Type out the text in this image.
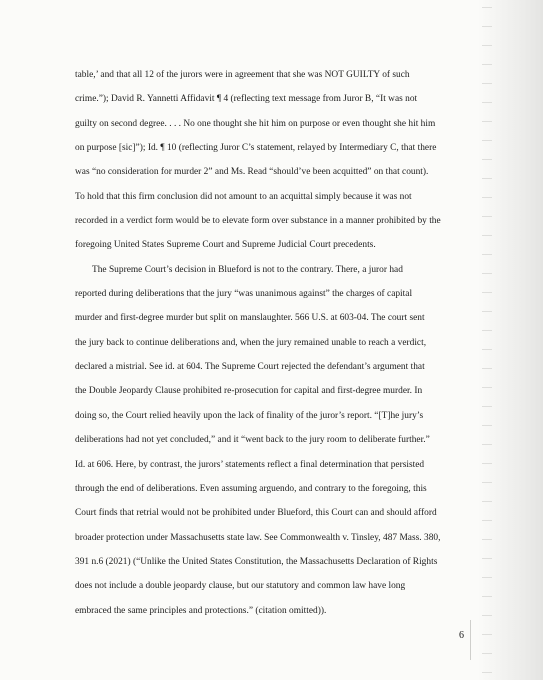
table,’ and that all 12 of the jurors were in agreement that she was NOT GUILTY of such
crime.”); David R. Yannetti Affidavit ¶ 4 (reflecting text message from Juror B, “It was not
guilty on second degree. . . . No one thought she hit him on purpose or even thought she hit him
on purpose [sic]”); Id. ¶ 10 (reflecting Juror C’s statement, relayed by Intermediary C, that there
was “no consideration for murder 2” and Ms. Read “should’ve been acquitted” on that count).
To hold that this firm conclusion did not amount to an acquittal simply because it was not
recorded in a verdict form would be to elevate form over substance in a manner prohibited by the
foregoing United States Supreme Court and Supreme Judicial Court precedents.
The Supreme Court’s decision in Blueford is not to the contrary. There, a juror had
reported during deliberations that the jury “was unanimous against” the charges of capital
murder and first-degree murder but split on manslaughter. 566 U.S. at 603-04. The court sent
the jury back to continue deliberations and, when the jury remained unable to reach a verdict,
declared a mistrial. See id. at 604. The Supreme Court rejected the defendant’s argument that
the Double Jeopardy Clause prohibited re-prosecution for capital and first-degree murder. In
doing so, the Court relied heavily upon the lack of finality of the juror’s report. “[T]he jury’s
deliberations had not yet concluded,” and it “went back to the jury room to deliberate further.”
Id. at 606. Here, by contrast, the jurors’ statements reflect a final determination that persisted
through the end of deliberations. Even assuming arguendo, and contrary to the foregoing, this
Court finds that retrial would not be prohibited under Blueford, this Court can and should afford
broader protection under Massachusetts state law. See Commonwealth v. Tinsley, 487 Mass. 380,
391 n.6 (2021) (“Unlike the United States Constitution, the Massachusetts Declaration of Rights
does not include a double jeopardy clause, but our statutory and common law have long
embraced the same principles and protections.” (citation omitted)).
6
